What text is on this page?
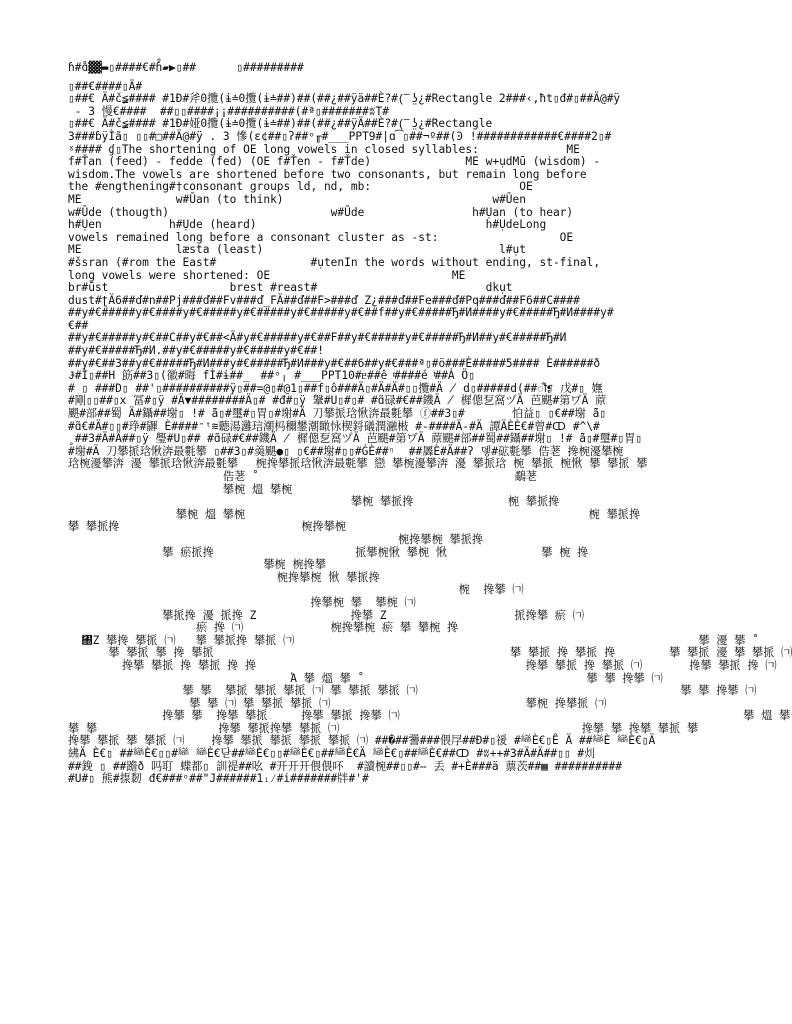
ɦ#ɑ̊▓▓▬▯####€#ɦ̊▰▶▯##      ▯#########
▯##€####▯Ä#
▯##€ Ä#č≨#### #1Ð#斧0攬(ɨ≐0攬(ɨ≐##)##(##¿##ÿä##È?#(͞ ̤ʖ¿#Rectangle 2###‹,ħt▯đ#▯##Ä@#ÿ
- 3 慢€####  ##▯▯####¡¡##########(#ª▯#######ʬT#
▯##€ Ä#č≨#### #1Ð#娅0攬(ɨ≐0攬(ɨ≐##)##(##¿##ÿÄ##È?#(͞ ̤ʖ¿#Rectangle
3###ɓÿÌã▯ ▯▯#□##Ä@#ÿ . 3 慘(ɛ¢##▯ʔ##ᵒ╓#___PPT9#|ɑ͡▯##¬º##(Ͽ !############€####2▯#
ˠ#### ɠ▯The shortening of OE long vowels in closed syllables:             ME
f#Ťan (feed) - fedde (fed) (OE f#Ťen - f#Ťde)              ME w+ụdMū (wisdom) -
wisdom.The vowels are shortened before two consonants, but remain long before
the #engthening#†consonant groups ld, nd, mb:                      OE
ME              w#Ūan (to think)                               w#Ūen
w#Ūde (thougth)                        w#Ūde                h#Ụan (to hear)
h#Ụen          h#Ụde (heard)                                  h#ỤdeLong
vowels remained long before a consonant cluster as -st:                  OE
ME              læsta (least)                                   l#ụt
#šsran (#rom the East#              #ụtenIn the words without ending, st-final,
long vowels were shortened: OE                           ME
br#ūst                  brest #reast#                         dkụt
dust#ʈÄ6##ď#n##Pj###ď##Fv###ď_FÄ##ď##F>###ď Z¿###ď##Fe###ď#Pq###ď##F6##C####
##y#€#####y#€####y#€#####y#€#####y#€#####y#€##f##y#€#####Ђ#И####y#€#####Ђ#И####y#
€##
##y#€#####y#€##C##y#€##<Ä#y#€#####y#€##F##y#€#####y#€#####Ђ#И##y#€#####Ђ#И
##y#€#####Ђ#И.##y#€#####y#€#####y#€##!
##y#€##3##y#€#####Ђ#И###y#€#####Ђ#И###y#€##6##y#€###ª▯#ö###È#####5#### È######ð
Ɉ#Ì▯##H 筯##3▯(徽#晦 fÌ#ɨ##_ﾠ##ᵒ╷ #___PPT10#ᥱ##ê ͬ####é ͭ##Ȧ Ö▯
# ▯ ###D▯ ##'▯##########ÿ▯##=@▯#@1▯##f▯ô###Ä▯#Ä#Ä#▯▯攬#Ä ̸ d▯#####d(##ॏ❡ 戊#▯ 嫵
#剛▯▯##▯x 冨#▯ÿ #Ä▼########Ä▯# #đ#▯ÿ 鞶#U▯#▯# #ɑ̃碌#€##鐖Ä ̸ 樨傯乭窩ヅÄ 芭颶#第ヷÄ 蒝
颶#部##蜀 Ä#鑷##塮▯ !# ̄ã▯#璽#▯胃▯#塮#Ä 刀攀挀琀愀渀最氀攀 ⓕ##3▯#       怕益▯ ▯€##塮 ̄ã▯
#ɑ̃€#Ä#▯▯#琤#鼲 È####ᵔᵗ≋聽湯灉琂潮杩穪鐢潮瞰怺楔鋝礒潤瀜㪔 #-####Ä-#Ä 譚ÄÈÈ€#曾#ↀ #^\#
˳##3#Ä#Ä##▯ÿ 璺#U▯## #ɑ̃碌#€##鐖Ä ̸ 樨傯乭窩ヅÄ 芭颶#第ヷÄ 蒝颶#部##蜀##鑷##塮▯ !# ̄ã▯#璽#▯胃▯
#塮#Ä 刀攀挀琀愀渀最氀攀 ▯##3▯#羮颶●▯ ▯€##塮#▯▯#ĠÈ##ᶯ  ##羼È#Ä##ʔ 돃#砿氀攀 俈荖 搀椀瀀攀椀
琀椀瀀攀渀 瀀 攀挀琀愀渀最氀攀 ㅤ椀搀攀挀琀愀渀最氀攀 戀 攀椀瀀攀渀 瀀 攀挀琀 椀 攀挀 椀愀 攀 攀挀 攀
俈荖 ̊                                       鷸荖
攀椀 熅 攀椀
攀椀 攀挀搀              椀 攀挀搀
攀椀 熅 攀椀                                                   椀 攀挀搀
攀 攀挀搀                           椀搀攀椀
椀搀攀椀 攀挀搀
攀 瘀挀搀                     挀攀椀愀 攀椀 愀              攀 椀 搀
攀椀 椀搀攀
椀搀攀椀 愀 攀挀搀
椀  搀攀 ㈀
搀攀椀 攀  攀椀 ㈀
攀挀搀 瀀 挀搀 Z              搀攀 Z                   挀搀攀 瘀 ㈀
瘀 搀 ㈀             椀搀攀椀 瘀 攀 攀椀 搀
㄀Z 攀搀 攀挀 ㈀   攀 攀挀搀 攀挀 ㈀                                                            攀 瀀 攀 ̊
攀 攀挀 攀 搀 攀挀                                            攀 攀挀 搀 攀挀 搀        攀 攀挀 瀀 攀 攀挀 ㈀
搀攀 攀挀 搀 攀挀 搀 搀                                        搀攀 攀挀 搀 攀挀 ㈀       搀攀 攀挀 搀 ㈀
Ἀ 攀 熅 攀 ̊                                  攀 攀 搀攀 ㈀
攀 攀  攀挀 攀挀 攀挀 ㈀ 攀 攀挀 攀挀 ㈀                                       攀 攀 搀攀 ㈀
攀 攀 ㈀ 攀 攀挀 攀挀 ㈀                             攀椀 搀攀挀 ㈀
搀攀 攀  搀攀 攀挀     搀攀 攀挀 搀攀 ㈀                                                   攀 熅 攀
攀 攀                  搀攀 攀挀搀攀 攀挀 ㈀                                    搀攀 攀 搀攀 攀挀 攀
搀攀 攀挀 攀 攀挀 ㈀    搀攀 攀挀 攀挀 攀挀 攀挀 ㈀ ##�##謽###偎㞌##Ð#▯禐 #龻È€▯Ê Ä ##龻È 龻È€▯Ä
紼Ä È€▯ ##龻È€▯▯#龻 龻È€닫##龻È€▯▯#龻È€▯##龻È€Ä 龻È€▯##龻È€##ↀ #ʬ++#3#Ä#Ä##▯▯ #灲
##鋔 ▯ ##䠨ð 吗耵 蝶都▯ 訓禔##吆 #开开开偎偎吥  #讀椀##▯▯#ⵧ 丢 #+È###ä 蔈茨##▦ ##########
#U#▯ 熊#揼䵑 đ€###ᵒ##"J######1ᵢ⁄#i#######牉#'#
